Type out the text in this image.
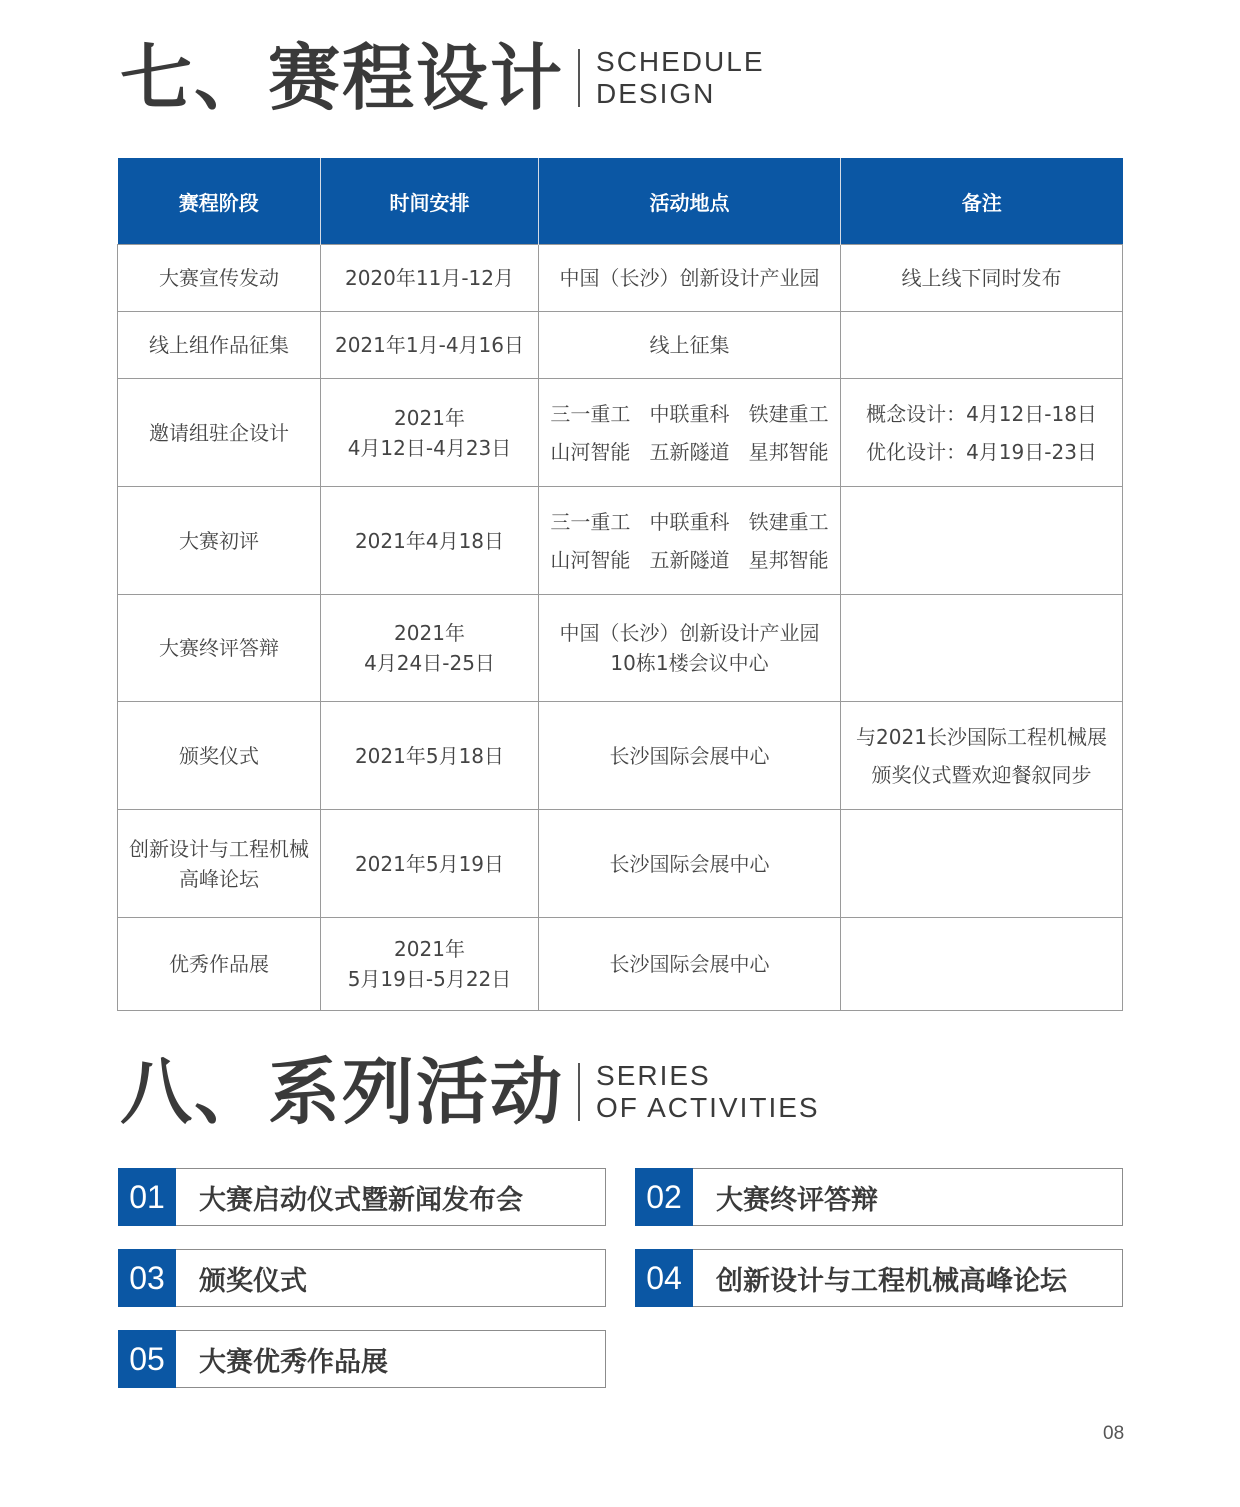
七、赛程设计 SCHEDULE
DESIGN
赛程阶段	时间安排	活动地点	备注
大赛宣传发动	2020年11月-12月	中国（长沙）创新设计产业园	线上线下同时发布

线上组作品征集	2021年1月-4月16日	线上征集	

邀请组驻企设计	2021年
4月12日-4月23日	三一重工   中联重科   铁建重工
山河智能   五新隧道   星邦智能	概念设计：4月12日-18日
优化设计：4月19日-23日

大赛初评	2021年4月18日	三一重工   中联重科   铁建重工
山河智能   五新隧道   星邦智能	

大赛终评答辩	2021年
4月24日-25日	中国（长沙）创新设计产业园
10栋1楼会议中心	

颁奖仪式	2021年5月18日	长沙国际会展中心	与2021长沙国际工程机械展
颁奖仪式暨欢迎餐叙同步

创新设计与工程机械高峰论坛	2021年5月19日	长沙国际会展中心	

优秀作品展	2021年
5月19日-5月22日	长沙国际会展中心	

八、系列活动 SERIES
OF ACTIVITIES
01	大赛启动仪式暨新闻发布会	02	大赛终评答辩
03	颁奖仪式	04	创新设计与工程机械高峰论坛
05	大赛优秀作品展
08
